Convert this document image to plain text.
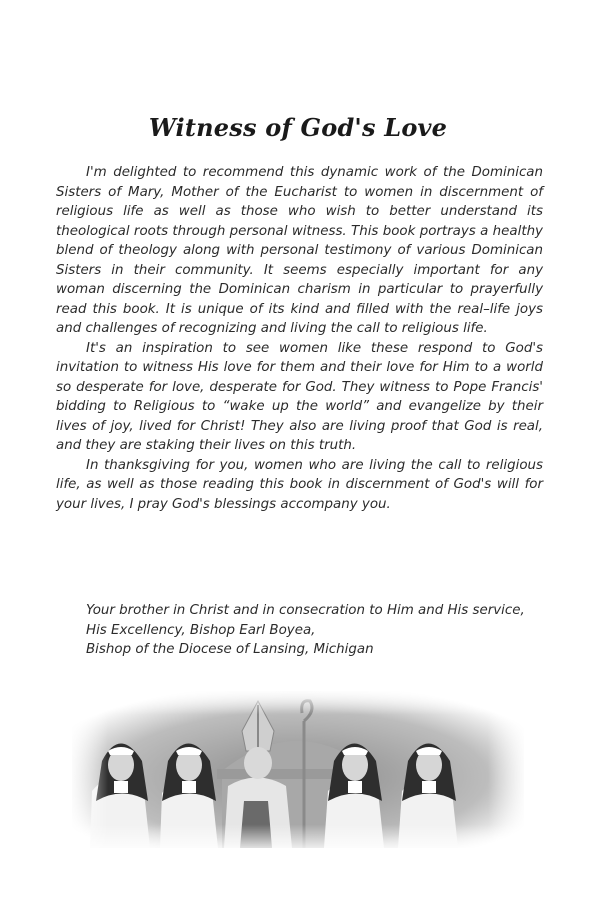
Witness of God's Love

I'm delighted to recommend this dynamic work of the Dominican Sisters of Mary, Mother of the Eucharist to women in discernment of religious life as well as those who wish to better understand its theological roots through personal witness. This book portrays a healthy blend of theology along with personal testimony of various Dominican Sisters in their community. It seems especially important for any woman discerning the Dominican charism in particular to prayerfully read this book. It is unique of its kind and filled with the real–life joys and challenges of recognizing and living the call to religious life.

It's an inspiration to see women like these respond to God's invitation to witness His love for them and their love for Him to a world so desperate for love, desperate for God. They witness to Pope Francis' bidding to Religious to “wake up the world” and evangelize by their lives of joy, lived for Christ! They also are living proof that God is real, and they are staking their lives on this truth.

In thanksgiving for you, women who are living the call to religious life, as well as those reading this book in discernment of God's will for your lives, I pray God's blessings accompany you.

Your brother in Christ and in consecration to Him and His service,
His Excellency, Bishop Earl Boyea,
Bishop of the Diocese of Lansing, Michigan
